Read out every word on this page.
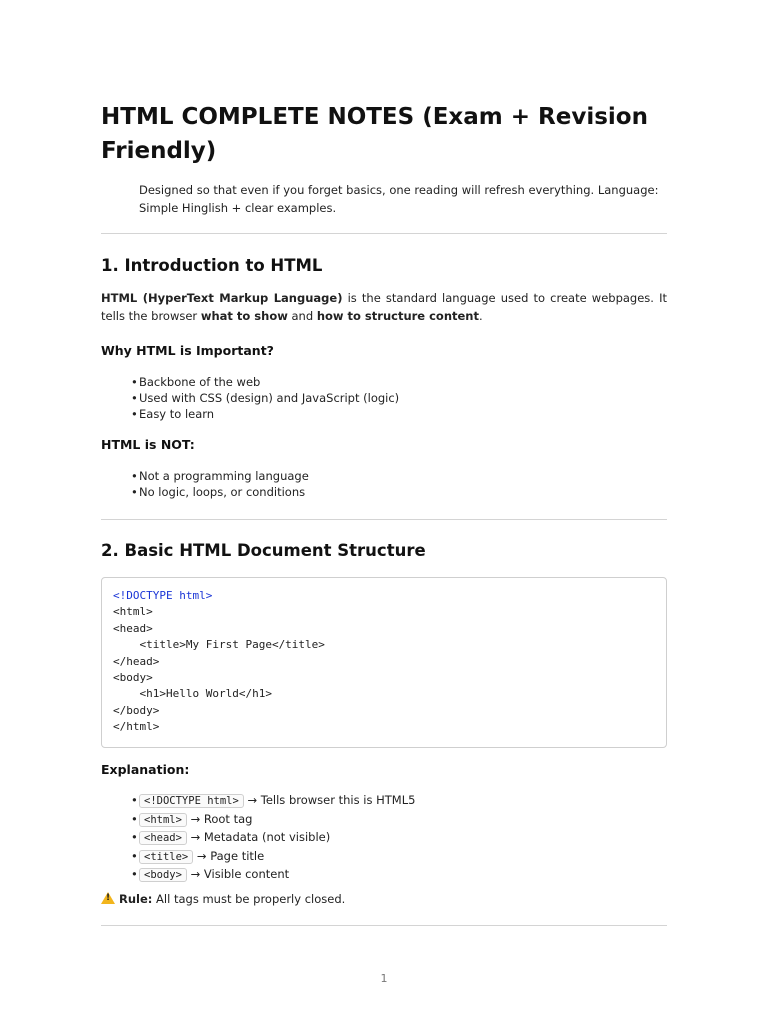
HTML COMPLETE NOTES (Exam + Revision Friendly)

Designed so that even if you forget basics, one reading will refresh everything. Language: Simple Hinglish + clear examples.

1. Introduction to HTML

HTML (HyperText Markup Language) is the standard language used to create webpages. It tells the browser what to show and how to structure content.

Why HTML is Important?
•Backbone of the web
•Used with CSS (design) and JavaScript (logic)
•Easy to learn
HTML is NOT:
•Not a programming language
•No logic, loops, or conditions
2. Basic HTML Document Structure
<!DOCTYPE html>
<html>
<head>
<title>My First Page</title>
</head>
<body>
<h1>Hello World</h1>
</body>
</html>
Explanation:
• <!DOCTYPE html> → Tells browser this is HTML5
• <html> → Root tag
• <head> → Metadata (not visible)
• <title> → Page title
• <body> → Visible content
!Rule: All tags must be properly closed.
1
